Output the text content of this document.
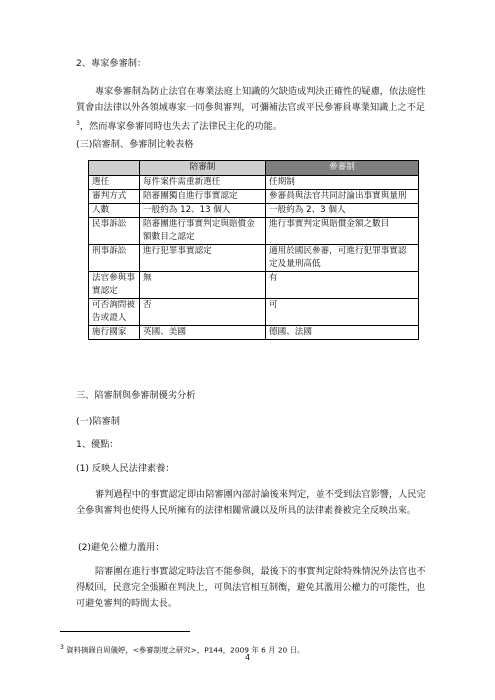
2、專家參審制：

專家參審制為防止法官在專業法庭上知識的欠缺造成判決正確性的疑慮，依法庭性質會由法律以外各領域專家一同參與審判，可彌補法官或平民參審員專業知識上之不足$^3$，然而專家參審同時也失去了法律民主化的功能。

(三)陪審制、參審制比較表格

	陪審制	參審制
選任	每件案件需重新選任	任期制
審判方式	陪審團獨自進行事實認定	參審員與法官共同討論出事實與量刑
人數	一般約為 12、13 個人	一般約為 2、3 個人
民事訴訟	陪審團進行事實判定與賠償金額數目之認定	進行事實判定與賠償金額之數目
刑事訴訟	進行犯罪事實認定	適用於國民參審，可進行犯罪事實認定及量刑高低
法官參與事實認定	無	有
可否詢問被告或證人	否	可
施行國家	英國、美國	德國、法國

三、陪審制與參審制優劣分析

(一)陪審制

1、優點：

(1) 反映人民法律素養：

審判過程中的事實認定即由陪審團內部討論後來判定，並不受到法官影響，人民完全參與審判也使得人民所擁有的法律相關常識以及所具的法律素養被完全反映出來。

(2)避免公權力濫用：

陪審團在進行事實認定時法官不能參與，最後下的事實判定除特殊情況外法官也不得駁回，民意完全張顯在判決上，可與法官相互制衡，避免其濫用公權力的可能性，也可避免審判的時間太長。

$^3$ 資料摘錄自周儀婷，<參審制度之研究>，P144，2009 年 6 月 20 日。

4
